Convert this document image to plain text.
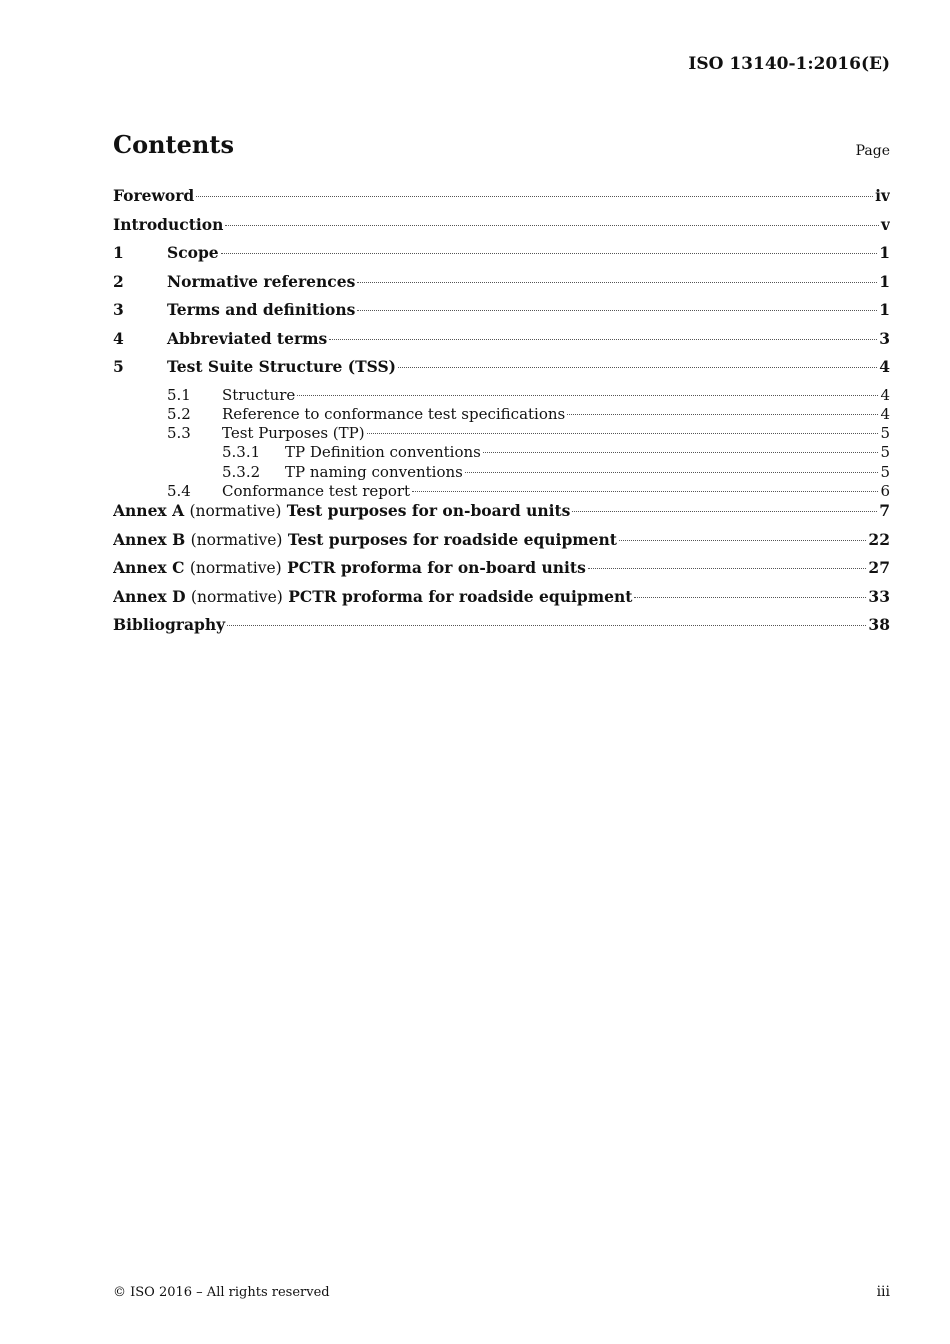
ISO 13140-1:2016(E)
Contents	Page
Foreword	iv
Introduction	v
1	Scope	1
2	Normative references	1
3	Terms and definitions	1
4	Abbreviated terms	3
5	Test Suite Structure (TSS)	4
5.1	Structure	4
5.2	Reference to conformance test specifications	4
5.3	Test Purposes (TP)	5
5.3.1	TP Definition conventions	5
5.3.2	TP naming conventions	5
5.4	Conformance test report	6
Annex A (normative) Test purposes for on-board units	7
Annex B (normative) Test purposes for roadside equipment	22
Annex C (normative) PCTR proforma for on-board units	27
Annex D (normative) PCTR proforma for roadside equipment	33
Bibliography	38
© ISO 2016 – All rights reserved	iii
